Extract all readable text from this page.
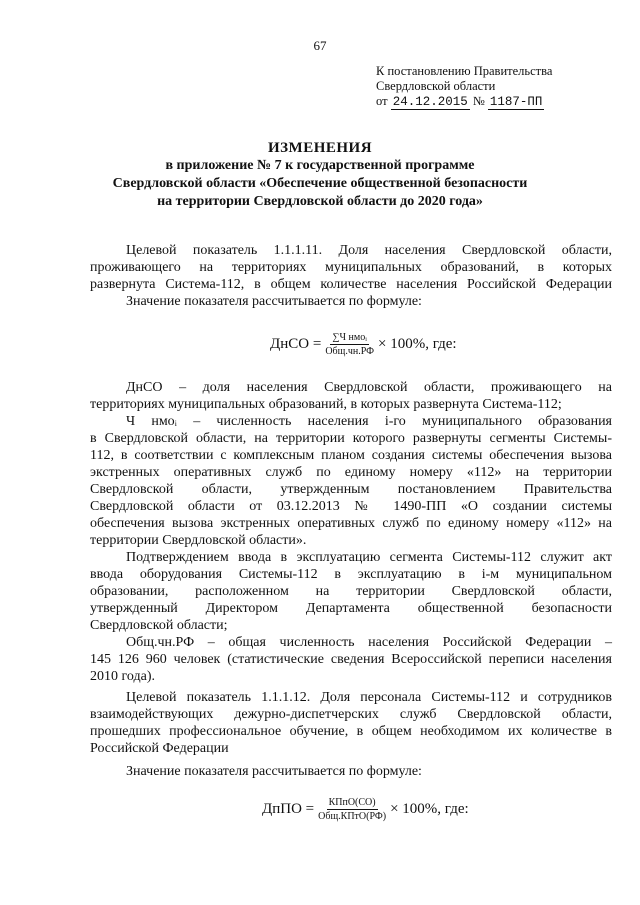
67
К постановлению Правительства
Свердловской области
от 24.12.2015 № 1187-ПП
ИЗМЕНЕНИЯ
в приложение № 7 к государственной программе
Свердловской области «Обеспечение общественной безопасности
на территории Свердловской области до 2020 года»

Целевой показатель 1.1.1.11. Доля населения Свердловской области,

проживающего на территориях муниципальных образований, в которых

развернута Система-112, в общем количестве населения Российской Федерации

Значение показателя рассчитывается по формуле:

ДнСО = $\frac{\text{∑Ч нмоᵢ}}{\text{Общ.чн.РФ}} \times 100\%$, где:

ДнСО – доля населения Свердловской области, проживающего на

территориях муниципальных образований, в которых развернута Система-112;

Ч нмоᵢ – численность населения i-го муниципального образования

в Свердловской области, на территории которого развернуты сегменты Системы-

112, в соответствии с комплексным планом создания системы обеспечения вызова

экстренных оперативных служб по единому номеру «112» на территории

Свердловской области, утвержденным постановлением Правительства

Свердловской области от 03.12.2013 № 1490-ПП «О создании системы

обеспечения вызова экстренных оперативных служб по единому номеру «112» на

территории Свердловской области».

Подтверждением ввода в эксплуатацию сегмента Системы-112 служит акт

ввода оборудования Системы-112 в эксплуатацию в i-м муниципальном

образовании, расположенном на территории Свердловской области,

утвержденный Директором Департамента общественной безопасности

Свердловской области;

Общ.чн.РФ – общая численность населения Российской Федерации –

145 126 960 человек (статистические сведения Всероссийской переписи населения

2010 года).

Целевой показатель 1.1.1.12. Доля персонала Системы-112 и сотрудников

взаимодействующих дежурно-диспетчерских служб Свердловской области,

прошедших профессиональное обучение, в общем необходимом их количестве в

Российской Федерации

Значение показателя рассчитывается по формуле:

ДпПО = $\frac{\text{КПпО(СО)}}{\text{Общ.КПтО(РФ)}} \times 100\%$, где:
